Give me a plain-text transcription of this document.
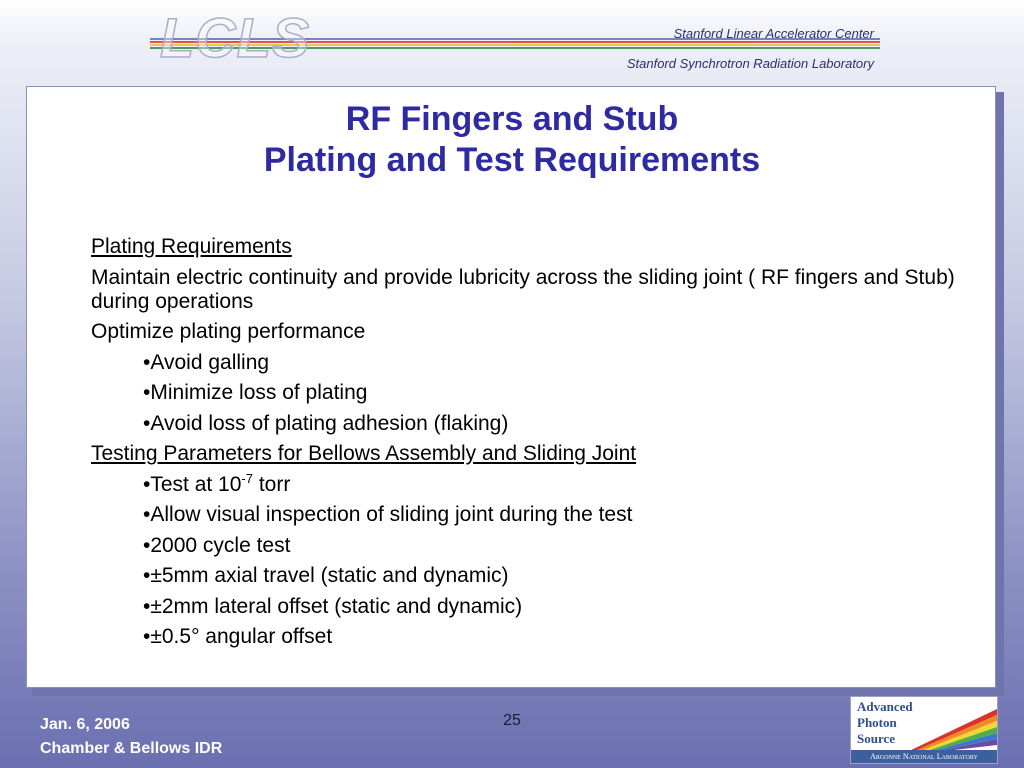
LCLS	Stanford Linear Accelerator Center
Stanford Synchrotron Radiation Laboratory
RF Fingers and Stub
Plating and Test Requirements
Plating Requirements
Maintain electric continuity and provide lubricity across the sliding joint ( RF fingers and Stub) during operations
Optimize plating performance
•Avoid galling
•Minimize loss of plating
•Avoid loss of plating adhesion (flaking)
Testing Parameters for Bellows Assembly and Sliding Joint
•Test at $10^{-7}$ torr
•Allow visual inspection of sliding joint during the test
•2000 cycle test
•±5mm axial travel (static and dynamic)
•±2mm lateral offset (static and dynamic)
•±0.5° angular offset
Jan. 6, 2006
Chamber & Bellows IDR
25
Advanced
Photon
Source
Argonne National Laboratory
